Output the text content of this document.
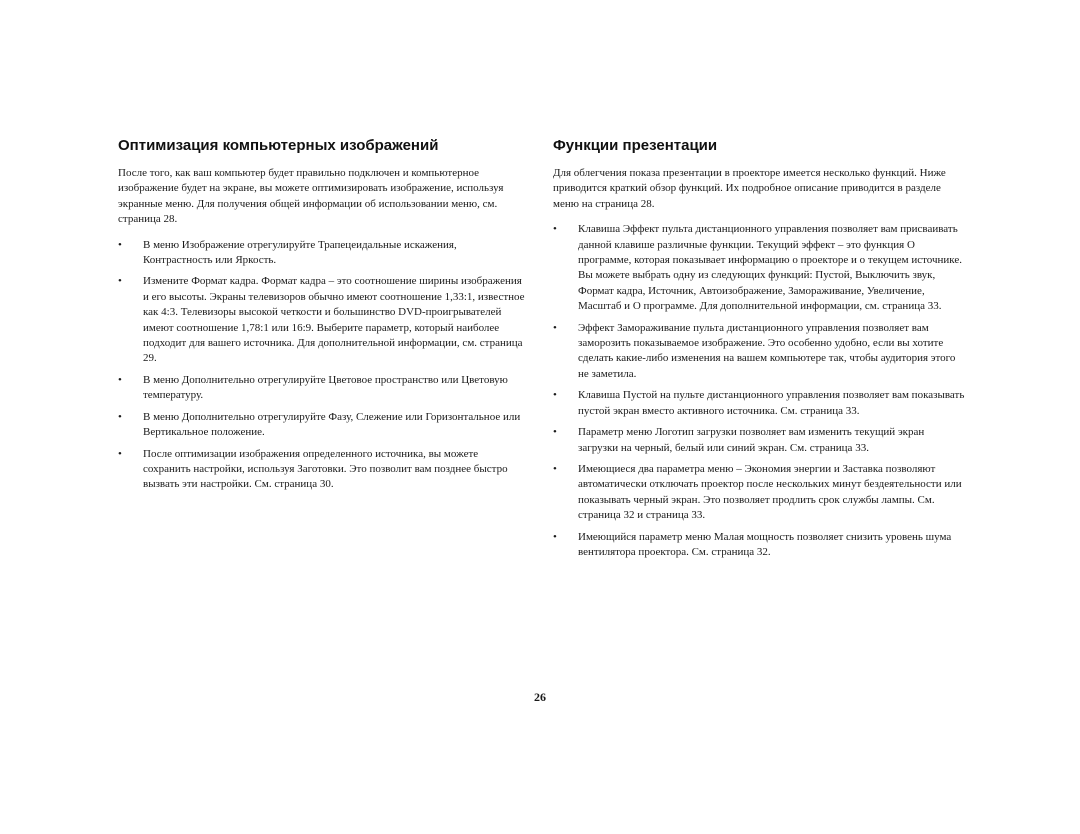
Оптимизация компьютерных изображений

После того, как ваш компьютер будет правильно подключен и компьютерное изображение будет на экране, вы можете оптимизировать изображение, используя экранные меню. Для получения общей информации об использовании меню, см. страница 28.

• В меню Изображение отрегулируйте Трапецеидальные искажения, Контрастность или Яркость.
• Измените Формат кадра. Формат кадра – это соотношение ширины изображения и его высоты. Экраны телевизоров обычно имеют соотношение 1,33:1, известное как 4:3. Телевизоры высокой четкости и большинство DVD-проигрывателей имеют соотношение 1,78:1 или 16:9. Выберите параметр, который наиболее подходит для вашего источника. Для дополнительной информации, см. страница 29.
• В меню Дополнительно отрегулируйте Цветовое пространство или Цветовую температуру.
• В меню Дополнительно отрегулируйте Фазу, Слежение или Горизонтальное или Вертикальное положение.
• После оптимизации изображения определенного источника, вы можете сохранить настройки, используя Заготовки. Это позволит вам позднее быстро вызвать эти настройки. См. страница 30.
Функции презентации

Для облегчения показа презентации в проекторе имеется несколько функций. Ниже приводится краткий обзор функций. Их подробное описание приводится в разделе меню на страница 28.

• Клавиша Эффект пульта дистанционного управления позволяет вам присваивать данной клавише различные функции. Текущий эффект – это функция О программе, которая показывает информацию о проекторе и о текущем источнике. Вы можете выбрать одну из следующих функций: Пустой, Выключить звук, Формат кадра, Источник, Автоизображение, Замораживание, Увеличение, Масштаб и О программе. Для дополнительной информации, см. страница 33.
• Эффект Замораживание пульта дистанционного управления позволяет вам заморозить показываемое изображение. Это особенно удобно, если вы хотите сделать какие-либо изменения на вашем компьютере так, чтобы аудитория этого не заметила.
• Клавиша Пустой на пульте дистанционного управления позволяет вам показывать пустой экран вместо активного источника. См. страница 33.
• Параметр меню Логотип загрузки позволяет вам изменить текущий экран загрузки на черный, белый или синий экран. См. страница 33.
• Имеющиеся два параметра меню – Экономия энергии и Заставка позволяют автоматически отключать проектор после нескольких минут бездеятельности или показывать черный экран. Это позволяет продлить срок службы лампы. См. страница 32 и страница 33.
• Имеющийся параметр меню Малая мощность позволяет снизить уровень шума вентилятора проектора. См. страница 32.
26
